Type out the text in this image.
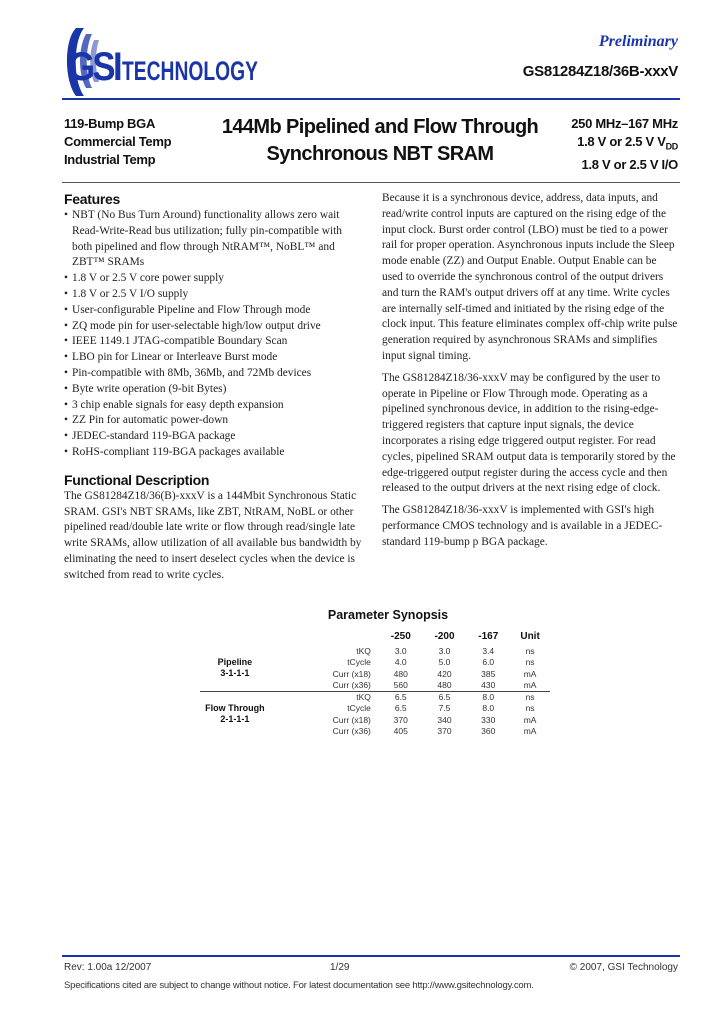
GSI TECHNOLOGY
Preliminary
GS81284Z18/36B-xxxV
119-Bump BGA
Commercial Temp
Industrial Temp
144Mb Pipelined and Flow Through
Synchronous NBT SRAM
250 MHz–167 MHz
1.8 V or 2.5 V $V_{DD}$
1.8 V or 2.5 V I/O
Features
• NBT (No Bus Turn Around) functionality allows zero wait Read-Write-Read bus utilization; fully pin-compatible with both pipelined and flow through NtRAM™, NoBL™ and ZBT™ SRAMs
• 1.8 V or 2.5 V core power supply
• 1.8 V or 2.5 V I/O supply
• User-configurable Pipeline and Flow Through mode
• ZQ mode pin for user-selectable high/low output drive
• IEEE 1149.1 JTAG-compatible Boundary Scan
• LBO pin for Linear or Interleave Burst mode
• Pin-compatible with 8Mb, 36Mb, and 72Mb devices
• Byte write operation (9-bit Bytes)
• 3 chip enable signals for easy depth expansion
• ZZ Pin for automatic power-down
• JEDEC-standard 119-BGA package
• RoHS-compliant 119-BGA packages available
Functional Description

The GS81284Z18/36(B)-xxxV is a 144Mbit Synchronous Static SRAM. GSI's NBT SRAMs, like ZBT, NtRAM, NoBL or other pipelined read/double late write or flow through read/single late write SRAMs, allow utilization of all available bus bandwidth by eliminating the need to insert deselect cycles when the device is switched from read to write cycles.

Because it is a synchronous device, address, data inputs, and read/write control inputs are captured on the rising edge of the input clock. Burst order control (LBO) must be tied to a power rail for proper operation. Asynchronous inputs include the Sleep mode enable (ZZ) and Output Enable. Output Enable can be used to override the synchronous control of the output drivers and turn the RAM's output drivers off at any time. Write cycles are internally self-timed and initiated by the rising edge of the clock input. This feature eliminates complex off-chip write pulse generation required by asynchronous SRAMs and simplifies input signal timing.

The GS81284Z18/36-xxxV may be configured by the user to operate in Pipeline or Flow Through mode. Operating as a pipelined synchronous device, in addition to the rising-edge-triggered registers that capture input signals, the device incorporates a rising edge triggered output register. For read cycles, pipelined SRAM output data is temporarily stored by the edge-triggered output register during the access cycle and then released to the output drivers at the next rising edge of clock.

The GS81284Z18/36-xxxV is implemented with GSI's high performance CMOS technology and is available in a JEDEC-standard 119-bump p BGA package.

Parameter Synopsis
		-250	-200	-167	Unit

Pipeline
3-1-1-1	tKQ	3.0	3.0	3.4	ns
	tCycle	4.0	5.0	6.0	ns
	Curr (x18)	480	420	385	mA
	Curr (x36)	560	480	430	mA

Flow Through
2-1-1-1	tKQ	6.5	6.5	8.0	ns
	tCycle	6.5	7.5	8.0	ns
	Curr (x18)	370	340	330	mA
	Curr (x36)	405	370	360	mA
Rev: 1.00a 12/2007	1/29	© 2007, GSI Technology
Specifications cited are subject to change without notice. For latest documentation see http://www.gsitechnology.com.
